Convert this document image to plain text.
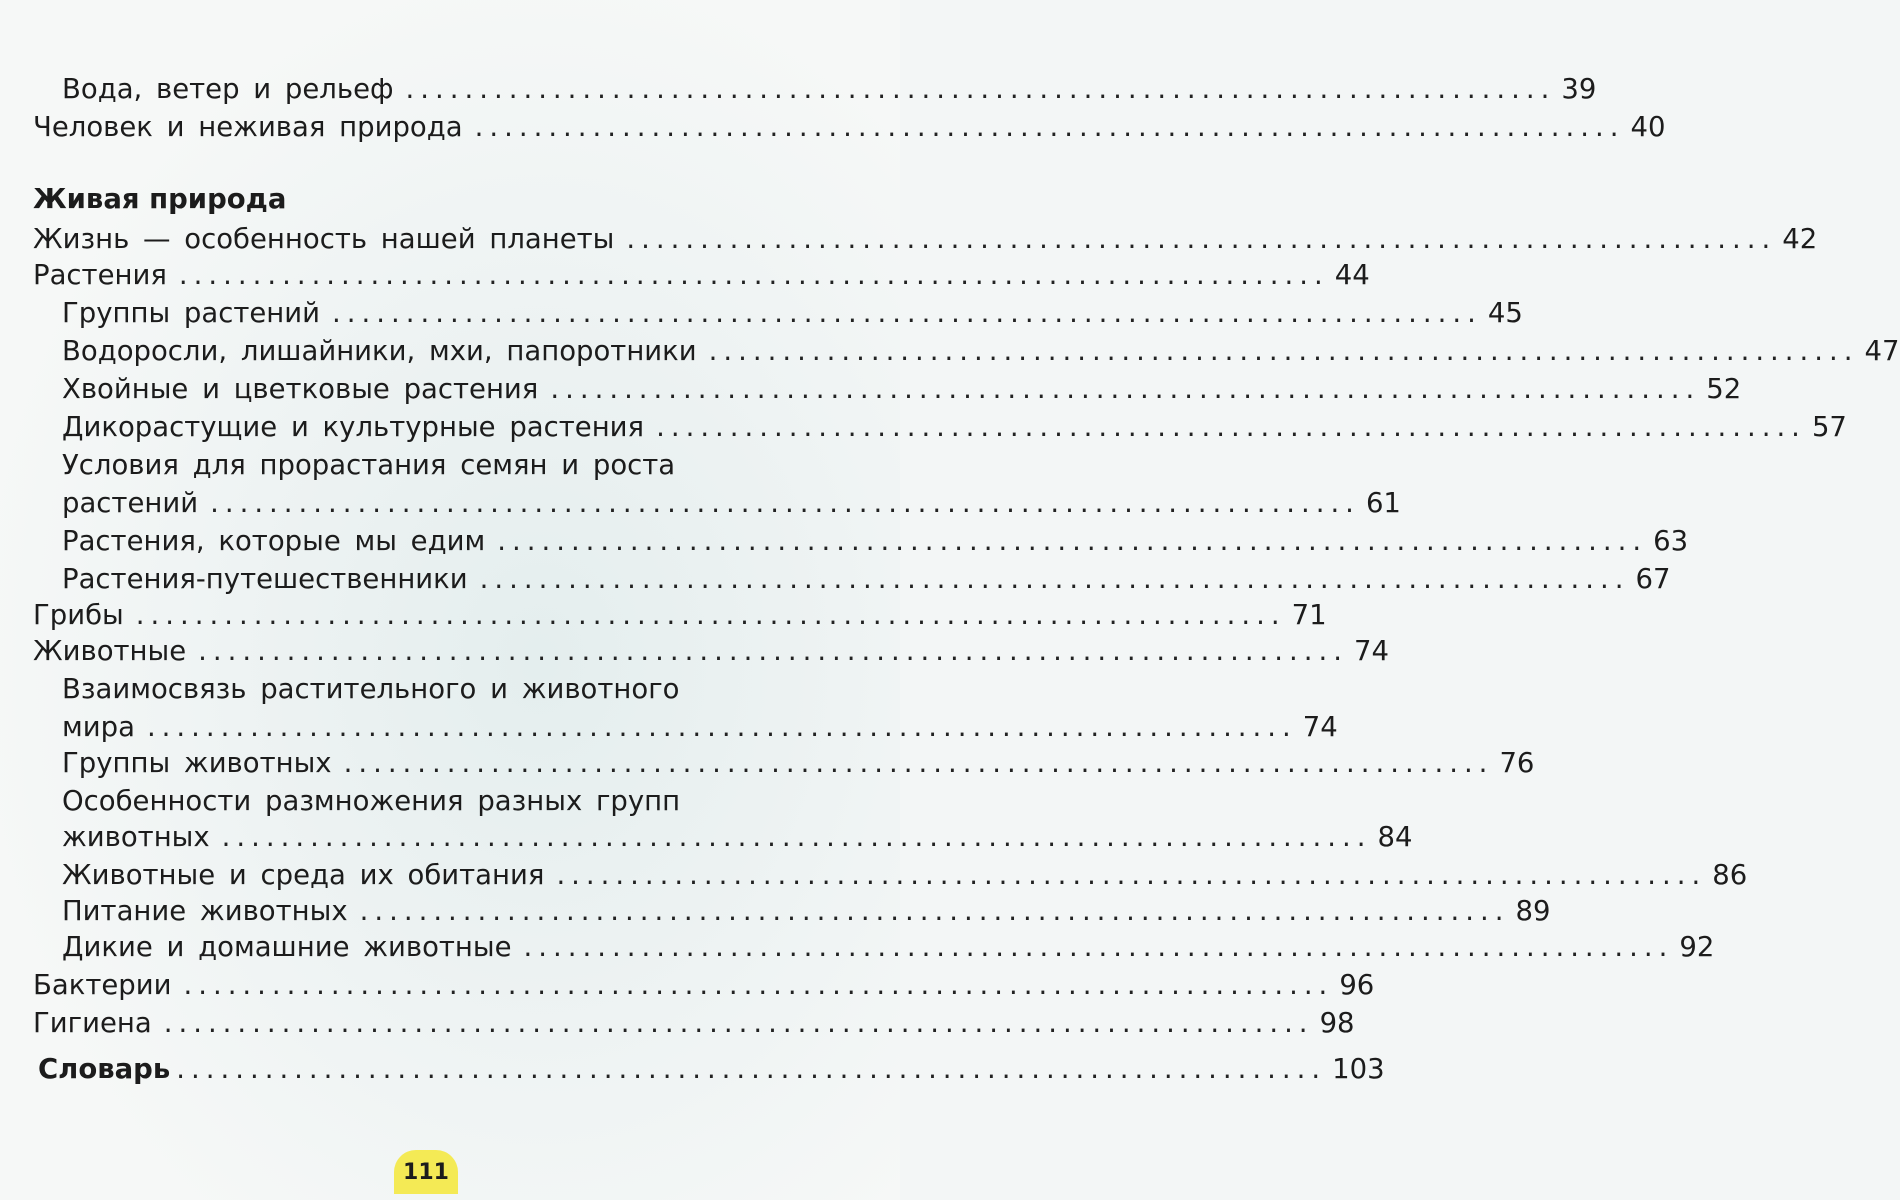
Вода, ветер и рельеф .............................................................................. 39
Человек и неживая природа .............................................................................. 40
Живая природа
Жизнь — особенность нашей планеты .............................................................................. 42
Растения .............................................................................. 44
Группы растений .............................................................................. 45
Водоросли, лишайники, мхи, папоротники .............................................................................. 47
Хвойные и цветковые растения .............................................................................. 52
Дикорастущие и культурные растения .............................................................................. 57
Условия для прорастания семян и роста
растений .............................................................................. 61
Растения, которые мы едим .............................................................................. 63
Растения-путешественники .............................................................................. 67
Грибы .............................................................................. 71
Животные .............................................................................. 74
Взаимосвязь растительного и животного
мира .............................................................................. 74
Группы животных .............................................................................. 76
Особенности размножения разных групп
животных .............................................................................. 84
Животные и среда их обитания .............................................................................. 86
Питание животных .............................................................................. 89
Дикие и домашние животные .............................................................................. 92
Бактерии .............................................................................. 96
Гигиена .............................................................................. 98
Словарь .............................................................................. 103
111
